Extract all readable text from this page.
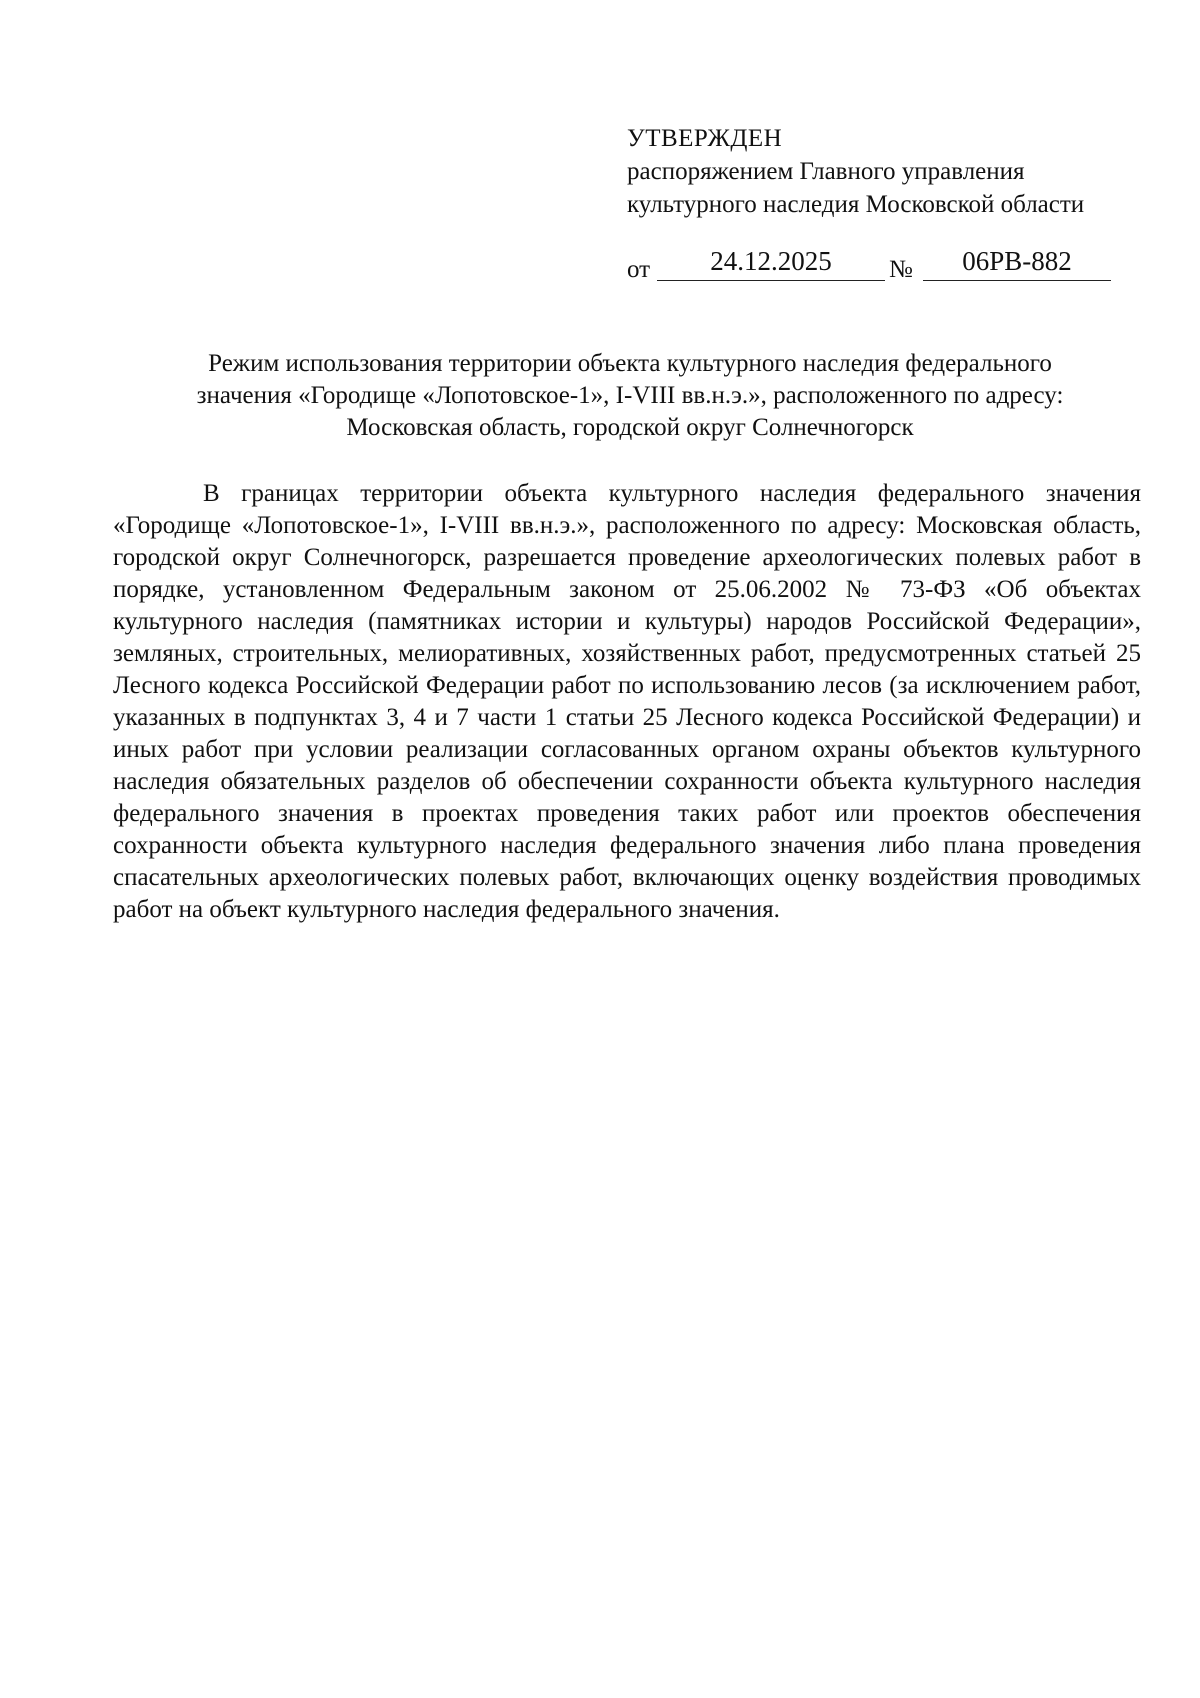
УТВЕРЖДЕН
распоряжением Главного управления
культурного наследия Московской области
от	24.12.2025	№	06РВ-882
Режим использования территории объекта культурного наследия федерального
значения «Городище «Лопотовское-1», I-VIII вв.н.э.», расположенного по адресу:
Московская область, городской округ Солнечногорск

В границах территории объекта культурного наследия федерального значения «Городище «Лопотовское-1», I-VIII вв.н.э.», расположенного по адресу: Московская область, городской округ Солнечногорск, разрешается проведение археологических полевых работ в порядке, установленном Федеральным законом от 25.06.2002 № 73-ФЗ «Об объектах культурного наследия (памятниках истории и культуры) народов Российской Федерации», земляных, строительных, мелиоративных, хозяйственных работ, предусмотренных статьей 25 Лесного кодекса Российской Федерации работ по использованию лесов (за исключением работ, указанных в подпунктах 3, 4 и 7 части 1 статьи 25 Лесного кодекса Российской Федерации) и иных работ при условии реализации согласованных органом охраны объектов культурного наследия обязательных разделов об обеспечении сохранности объекта культурного наследия федерального значения в проектах проведения таких работ или проектов обеспечения сохранности объекта культурного наследия федерального значения либо плана проведения спасательных археологических полевых работ, включающих оценку воздействия проводимых работ на объект культурного наследия федерального значения.
